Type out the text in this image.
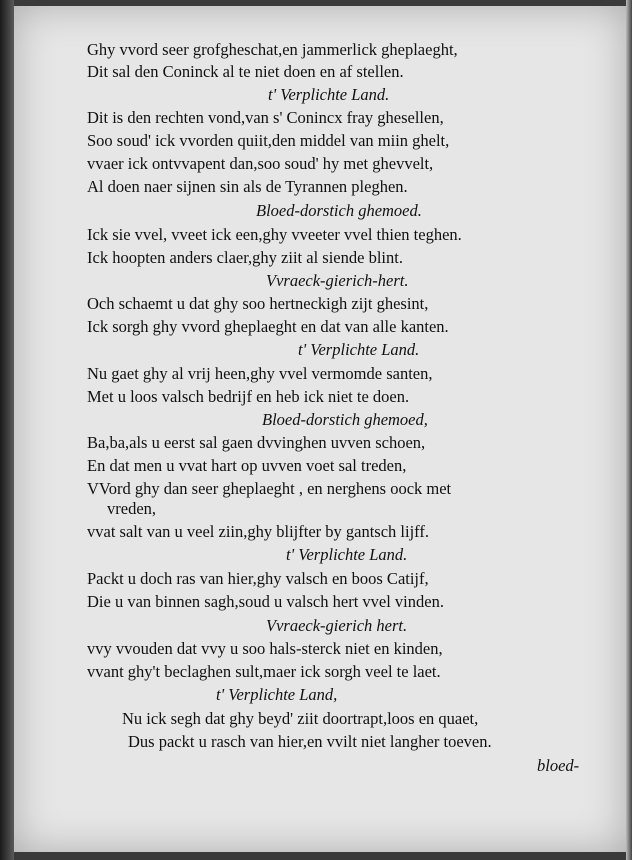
Ghy vvord seer grofgheschat,en jammerlick gheplaeght,
Dit sal den Coninck al te niet doen en af stellen.
t' Verplichte Land.
Dit is den rechten vond,van s' Conincx fray ghesellen,
Soo soud' ick vvorden quiit,den middel van miin ghelt,
vvaer ick ontvvapent dan,soo soud' hy met ghevvelt,
Al doen naer sijnen sin als de Tyrannen pleghen.
Bloed-dorstich ghemoed.
Ick sie vvel, vveet ick een,ghy vveeter vvel thien teghen.
Ick hoopten anders claer,ghy ziit al siende blint.
Vvraeck-gierich-hert.
Och schaemt u dat ghy soo hertneckigh zijt ghesint,
Ick sorgh ghy vvord gheplaeght en dat van alle kanten.
t' Verplichte Land.
Nu gaet ghy al vrij heen,ghy vvel vermomde santen,
Met u loos valsch bedrijf en heb ick niet te doen.
Bloed-dorstich ghemoed,
Ba,ba,als u eerst sal gaen dvvinghen uvven schoen,
En dat men u vvat hart op uvven voet sal treden,
VVord ghy dan seer gheplaeght , en nerghens oock met
vreden,
vvat salt van u veel ziin,ghy blijfter by gantsch lijff.
t' Verplichte Land.
Packt u doch ras van hier,ghy valsch en boos Catijf,
Die u van binnen sagh,soud u valsch hert vvel vinden.
Vvraeck-gierich hert.
vvy vvouden dat vvy u soo hals-sterck niet en kinden,
vvant ghy't beclaghen sult,maer ick sorgh veel te laet.
t' Verplichte Land,
Nu ick segh dat ghy beyd' ziit doortrapt,loos en quaet,
Dus packt u rasch van hier,en vvilt niet langher toeven.
bloed-
